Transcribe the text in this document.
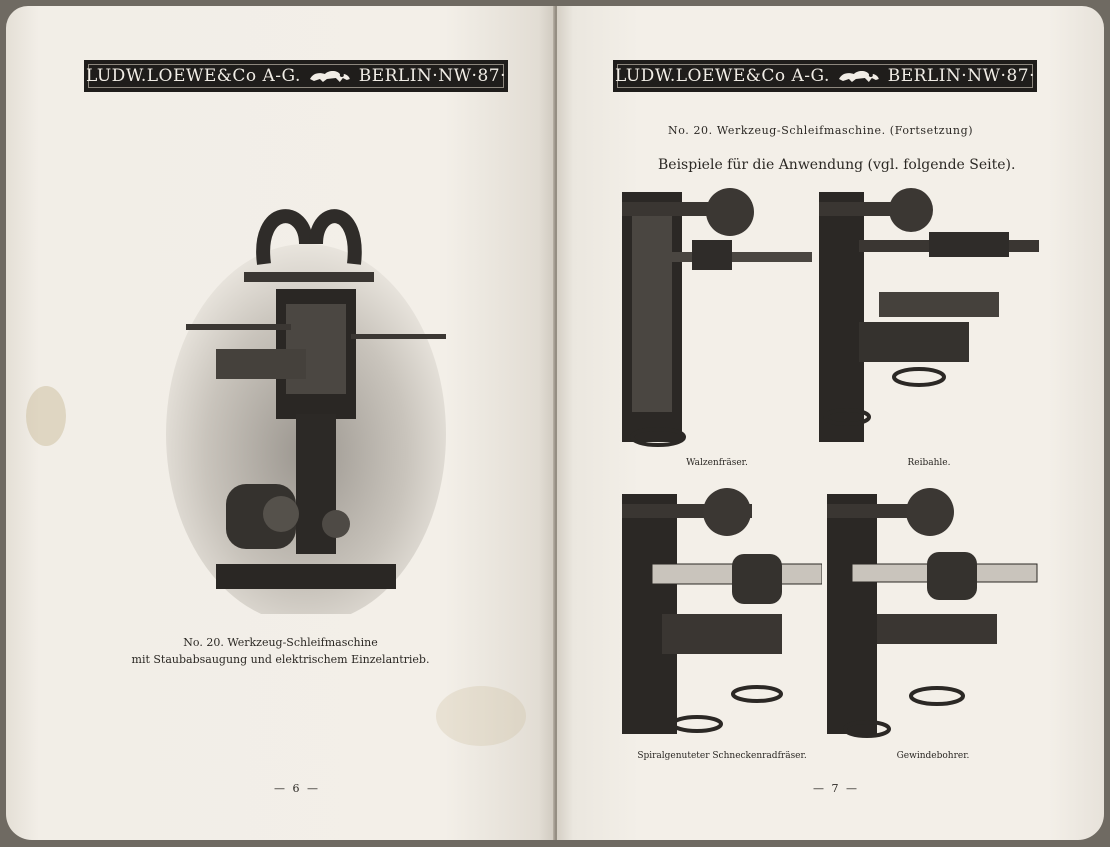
LUDW.LOEWE&Co A-G.	BERLIN·NW·87·
No. 20. Werkzeug-Schleifmaschine
mit Staubabsaugung und elektrischem Einzelantrieb.
— 6 —
LUDW.LOEWE&Co A-G.	BERLIN·NW·87·
No. 20. Werkzeug-Schleifmaschine. (Fortsetzung)
Beispiele für die Anwendung (vgl. folgende Seite).
Walzenfräser.	Reibahle.
Spiralgenuteter Schneckenradfräser.	Gewindebohrer.
— 7 —
